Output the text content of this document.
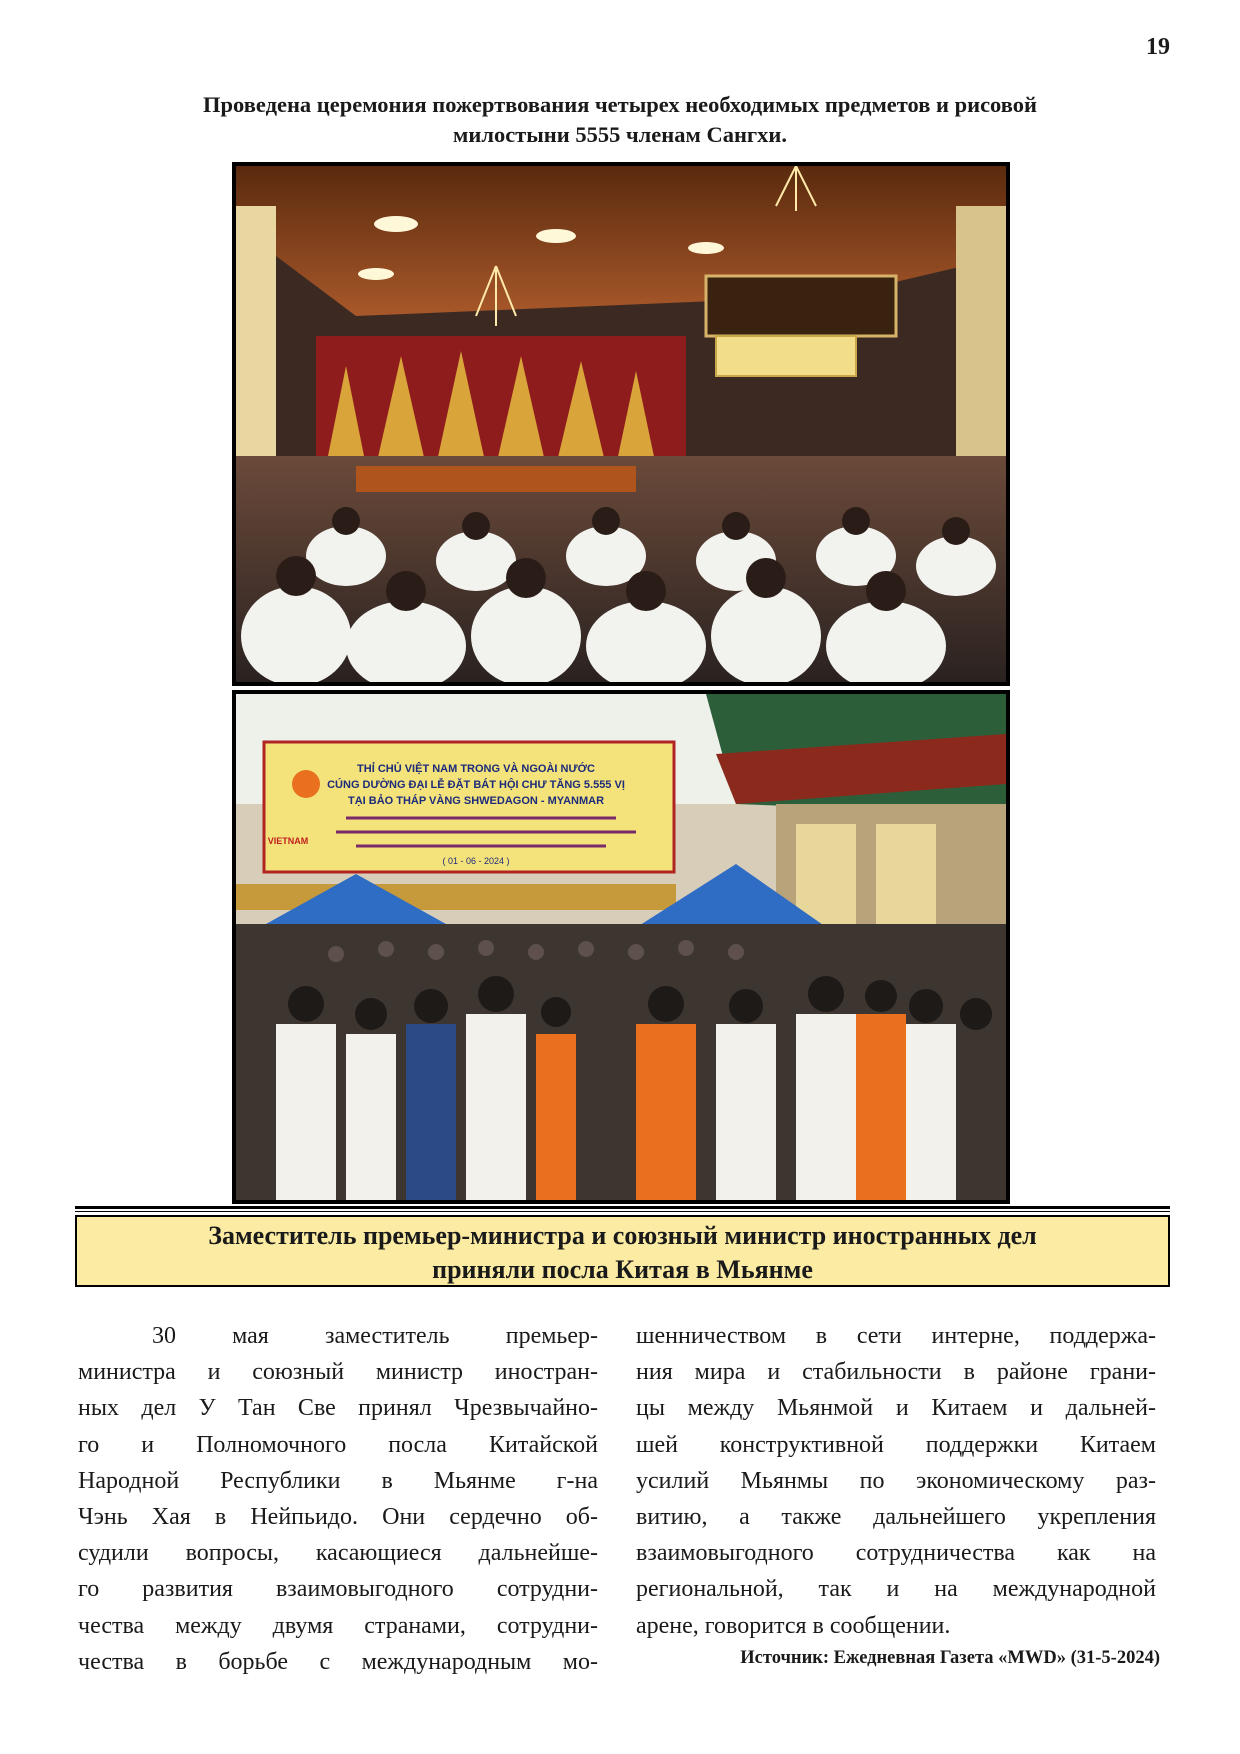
19
Проведена церемония пожертвования четырех необходимых предметов и рисовой
милостыни 5555 членам Сангхи.
THỈ CHỦ VIỆT NAM TRONG VÀ NGOÀI NƯỚC
CÚNG DƯỜNG ĐẠI LỄ ĐẶT BÁT HỘI CHƯ TĂNG 5.555 VỊ
TẠI BẢO THÁP VÀNG SHWEDAGON - MYANMAR
VIETNAM
( 01 - 06 - 2024 )
Заместитель премьер-министра и союзный министр иностранных дел
приняли посла Китая в Мьянме
30 мая заместитель премьер-
министра и союзный министр иностран-
ных дел У Тан Све принял Чрезвычайно-
го и Полномочного посла Китайской
Народной Республики в Мьянме г-на
Чэнь Хая в Нейпьидо. Они сердечно об-
судили вопросы, касающиеся дальнейше-
го развития взаимовыгодного сотрудни-
чества между двумя странами, сотрудни-
чества в борьбе с международным мо-
шенничеством в сети интерне, поддержа-
ния мира и стабильности в районе грани-
цы между Мьянмой и Китаем и дальней-
шей конструктивной поддержки Китаем
усилий Мьянмы по экономическому раз-
витию, а также дальнейшего укрепления
взаимовыгодного сотрудничества как на
региональной, так и на международной
арене, говорится в сообщении.
Источник: Ежедневная Газета «MWD» (31-5-2024)
